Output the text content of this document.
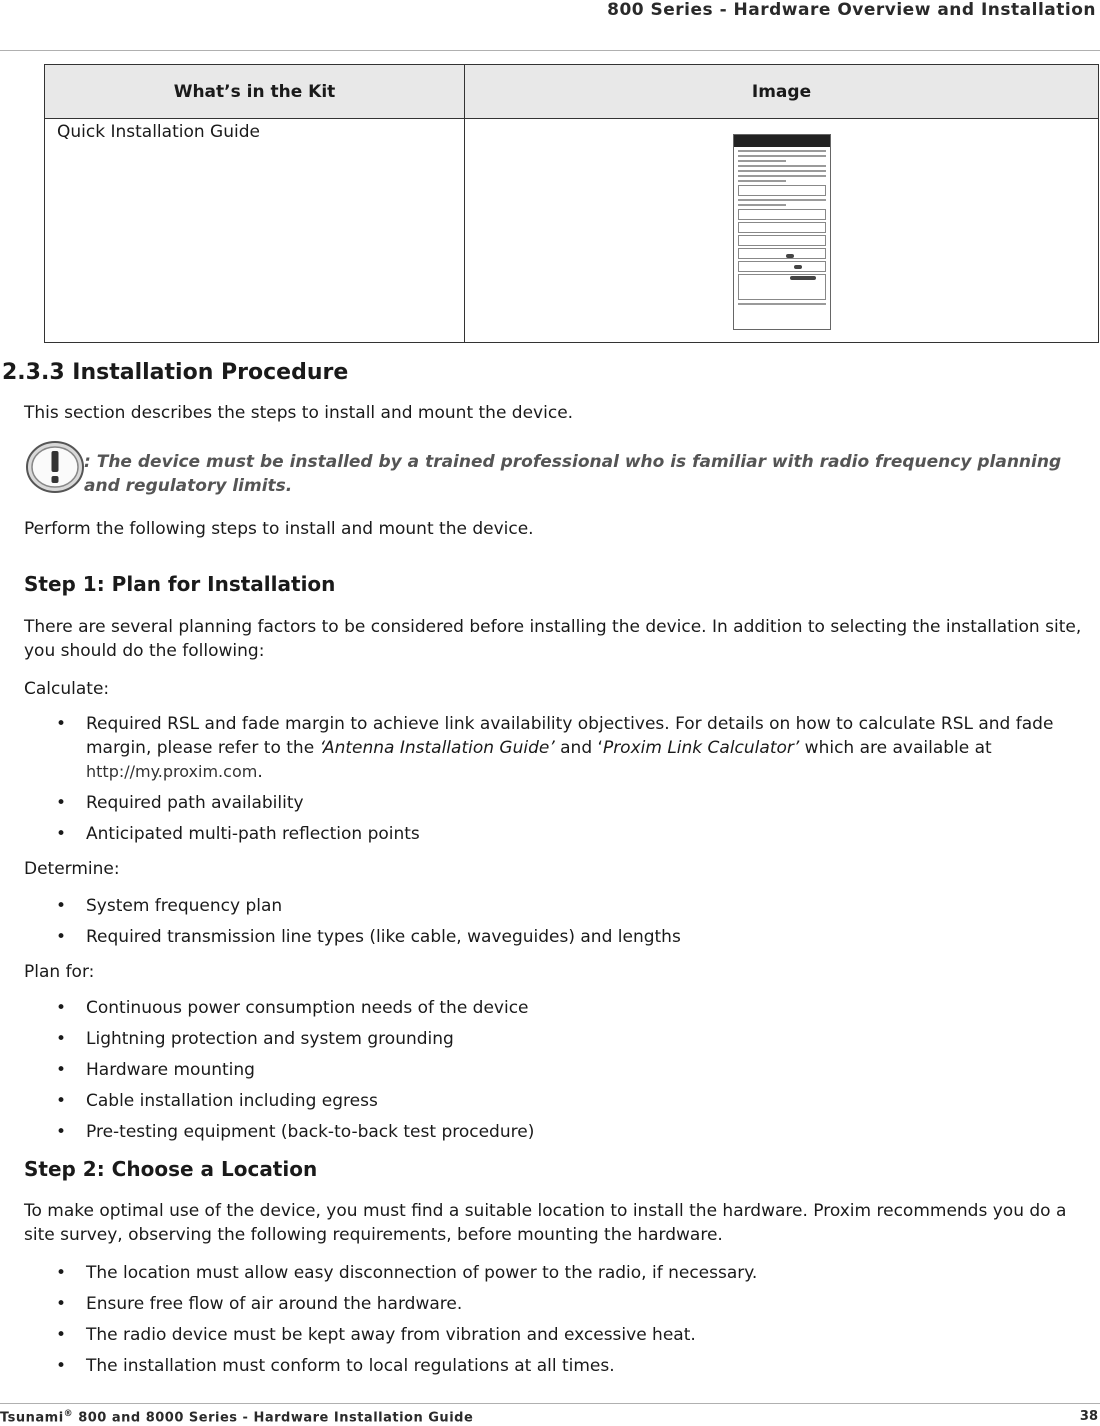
800 Series - Hardware Overview and Installation
What’s in the Kit	Image
Quick Installation Guide	
2.3.3 Installation Procedure

This section describes the steps to install and mount the device.

: The device must be installed by a trained professional who is familiar with radio frequency planning and regulatory limits.

Perform the following steps to install and mount the device.

Step 1: Plan for Installation

There are several planning factors to be considered before installing the device. In addition to selecting the installation site, you should do the following:

Calculate:

• Required RSL and fade margin to achieve link availability objectives. For details on how to calculate RSL and fade margin, please refer to the ‘Antenna Installation Guide’ and ‘Proxim Link Calculator’ which are available at
http://my.proxim.com.
• Required path availability
• Anticipated multi-path reflection points

Determine:

• System frequency plan
• Required transmission line types (like cable, waveguides) and lengths

Plan for:

• Continuous power consumption needs of the device
• Lightning protection and system grounding
• Hardware mounting
• Cable installation including egress
• Pre-testing equipment (back-to-back test procedure)
Step 2: Choose a Location

To make optimal use of the device, you must find a suitable location to install the hardware. Proxim recommends you do a site survey, observing the following requirements, before mounting the hardware.

• The location must allow easy disconnection of power to the radio, if necessary.
• Ensure free flow of air around the hardware.
• The radio device must be kept away from vibration and excessive heat.
• The installation must conform to local regulations at all times.
Tsunami® 800 and 8000 Series - Hardware Installation Guide	38
